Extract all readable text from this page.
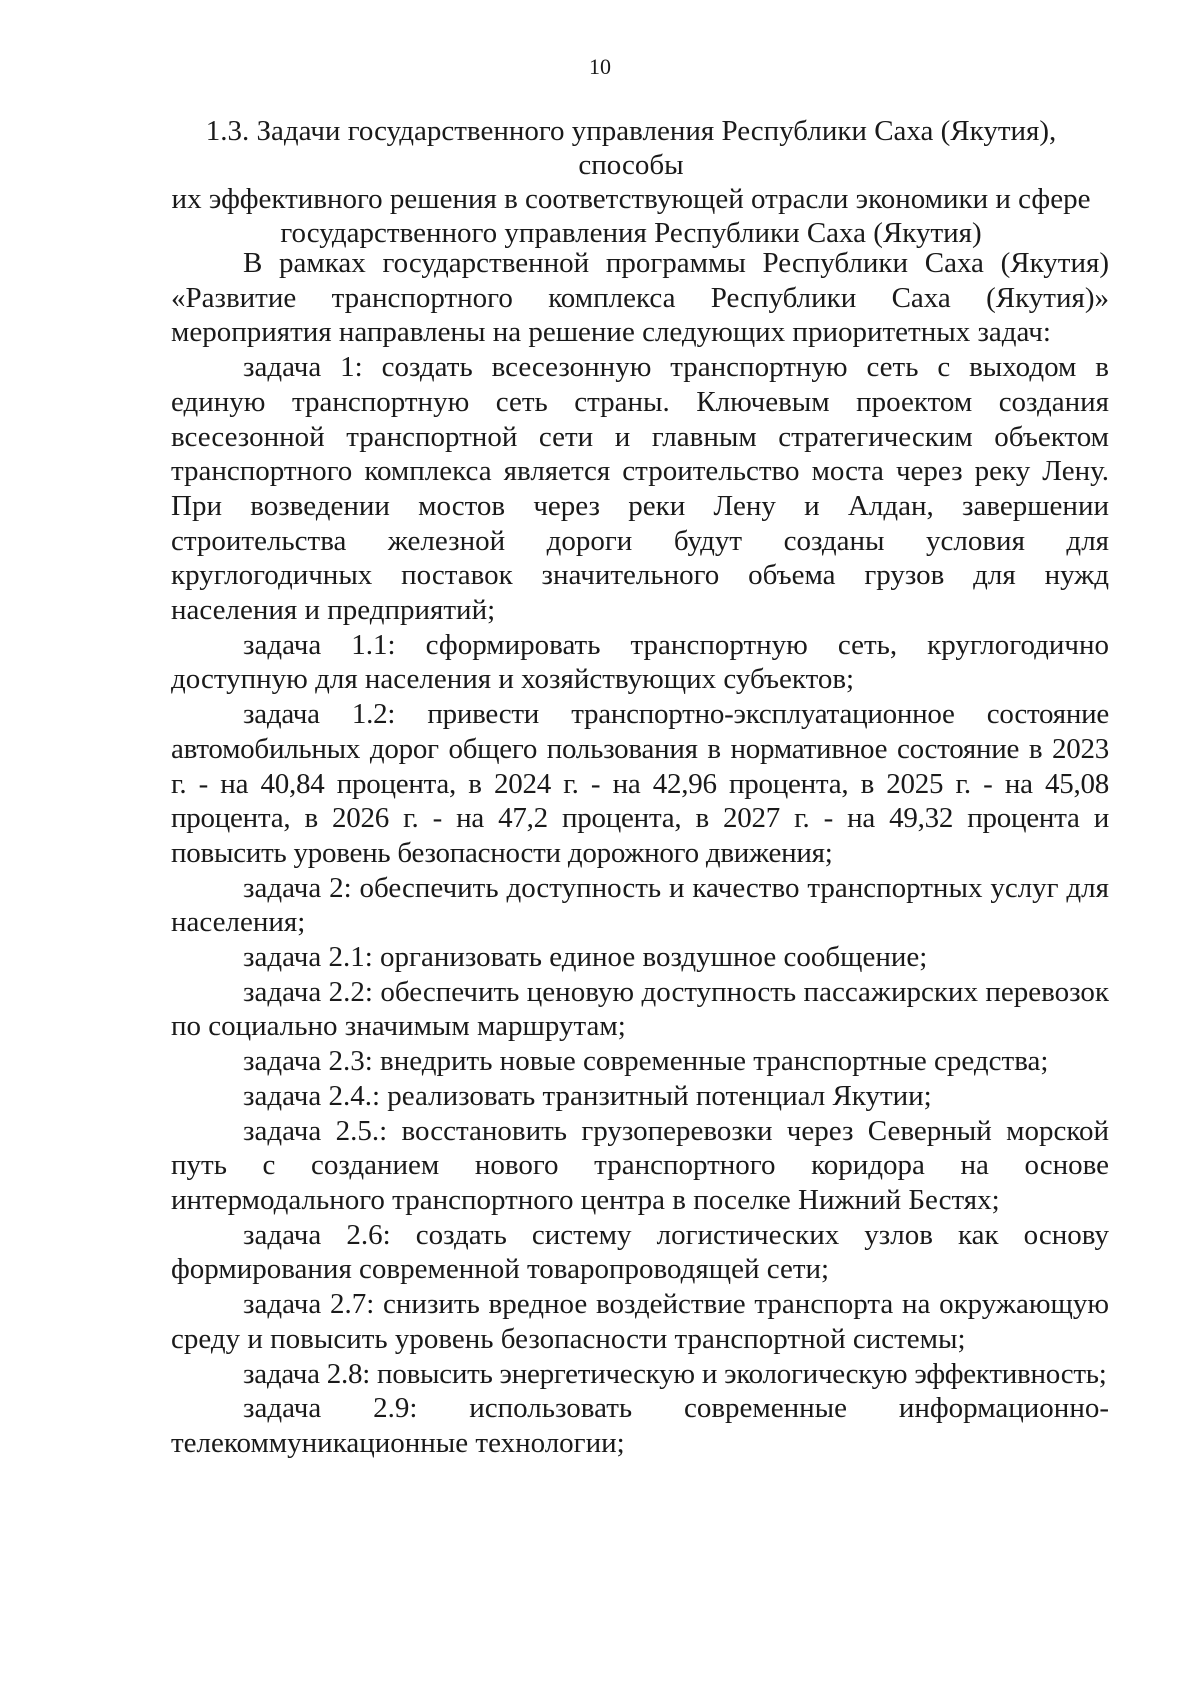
10

1.3. Задачи государственного управления Республики Саха (Якутия), способы

их эффективного решения в соответствующей отрасли экономики и сфере

государственного управления Республики Саха (Якутия)

В рамках государственной программы Республики Саха (Якутия) «Развитие транспортного комплекса Республики Саха (Якутия)» мероприятия направлены на решение следующих приоритетных задач:

задача 1: создать всесезонную транспортную сеть с выходом в единую транспортную сеть страны. Ключевым проектом создания всесезонной транспортной сети и главным стратегическим объектом транспортного комплекса является строительство моста через реку Лену. При возведении мостов через реки Лену и Алдан, завершении строительства железной дороги будут созданы условия для круглогодичных поставок значительного объема грузов для нужд населения и предприятий;

задача 1.1: сформировать транспортную сеть, круглогодично доступную для населения и хозяйствующих субъектов;

задача 1.2: привести транспортно-эксплуатационное состояние автомобильных дорог общего пользования в нормативное состояние в 2023 г. - на 40,84 процента, в 2024 г. - на 42,96 процента, в 2025 г. - на 45,08 процента, в 2026 г. - на 47,2 процента, в 2027 г. - на 49,32 процента и повысить уровень безопасности дорожного движения;

задача 2: обеспечить доступность и качество транспортных услуг для населения;

задача 2.1: организовать единое воздушное сообщение;

задача 2.2: обеспечить ценовую доступность пассажирских перевозок по социально значимым маршрутам;

задача 2.3: внедрить новые современные транспортные средства;

задача 2.4.: реализовать транзитный потенциал Якутии;

задача 2.5.: восстановить грузоперевозки через Северный морской путь с созданием нового транспортного коридора на основе интермодального транспортного центра в поселке Нижний Бестях;

задача 2.6: создать систему логистических узлов как основу формирования современной товаропроводящей сети;

задача 2.7: снизить вредное воздействие транспорта на окружающую среду и повысить уровень безопасности транспортной системы;

задача 2.8: повысить энергетическую и экологическую эффективность;

задача 2.9: использовать современные информационно-телекоммуникационные технологии;
